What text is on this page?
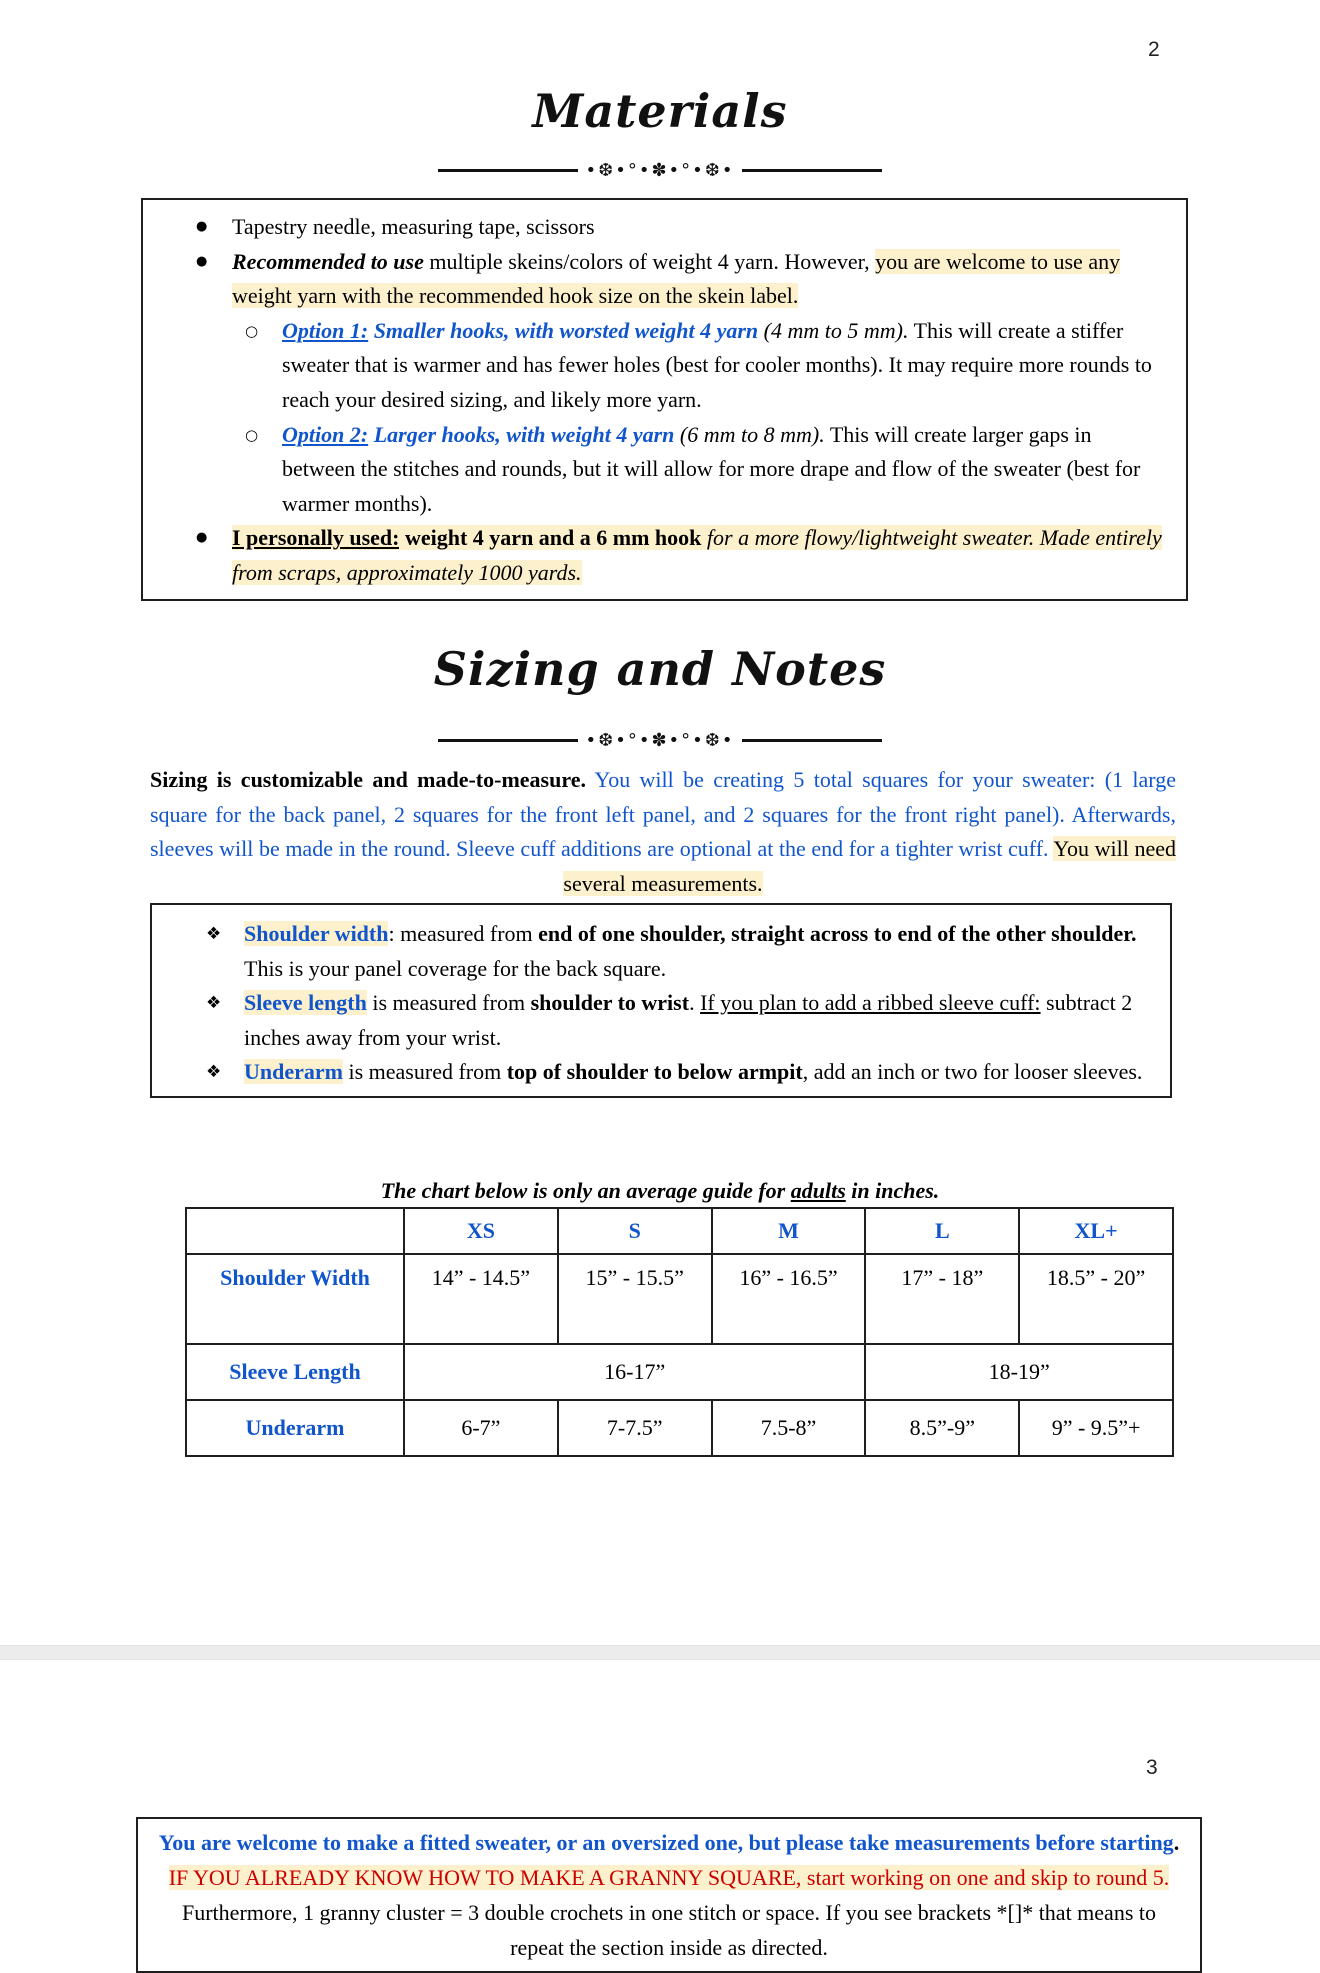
2
Materials
•❆•°•✽•°•❆•
● Tapestry needle, measuring tape, scissors
● Recommended to use multiple skeins/colors of weight 4 yarn. However, you are welcome to use any weight yarn with the recommended hook size on the skein label.
○ Option 1: Smaller hooks, with worsted weight 4 yarn (4 mm to 5 mm). This will create a stiffer sweater that is warmer and has fewer holes (best for cooler months). It may require more rounds to reach your desired sizing, and likely more yarn.
○ Option 2: Larger hooks, with weight 4 yarn (6 mm to 8 mm). This will create larger gaps in between the stitches and rounds, but it will allow for more drape and flow of the sweater (best for warmer months).
● I personally used: weight 4 yarn and a 6 mm hook for a more flowy/lightweight sweater. Made entirely from scraps, approximately 1000 yards.
Sizing and Notes
•❆•°•✽•°•❆•

Sizing is customizable and made-to-measure. You will be creating 5 total squares for your sweater: (1 large square for the back panel, 2 squares for the front left panel, and 2 squares for the front right panel). Afterwards, sleeves will be made in the round. Sleeve cuff additions are optional at the end for a tighter wrist cuff. You will need several measurements.

❖ Shoulder width: measured from end of one shoulder, straight across to end of the other shoulder. This is your panel coverage for the back square.
❖ Sleeve length is measured from shoulder to wrist. If you plan to add a ribbed sleeve cuff: subtract 2 inches away from your wrist.
❖ Underarm is measured from top of shoulder to below armpit, add an inch or two for looser sleeves.

The chart below is only an average guide for adults in inches.

	XS	S	M	L	XL+
Shoulder Width	14” - 14.5”	15” - 15.5”	16” - 16.5”	17” - 18”	18.5” - 20”
Sleeve Length	16-17”			18-19”	
Underarm	6-7”	7-7.5”	7.5-8”	8.5”-9”	9” - 9.5”+
3
You are welcome to make a fitted sweater, or an oversized one, but please take measurements before starting. IF YOU ALREADY KNOW HOW TO MAKE A GRANNY SQUARE, start working on one and skip to round 5. Furthermore, 1 granny cluster = 3 double crochets in one stitch or space. If you see brackets *[]* that means to repeat the section inside as directed.
